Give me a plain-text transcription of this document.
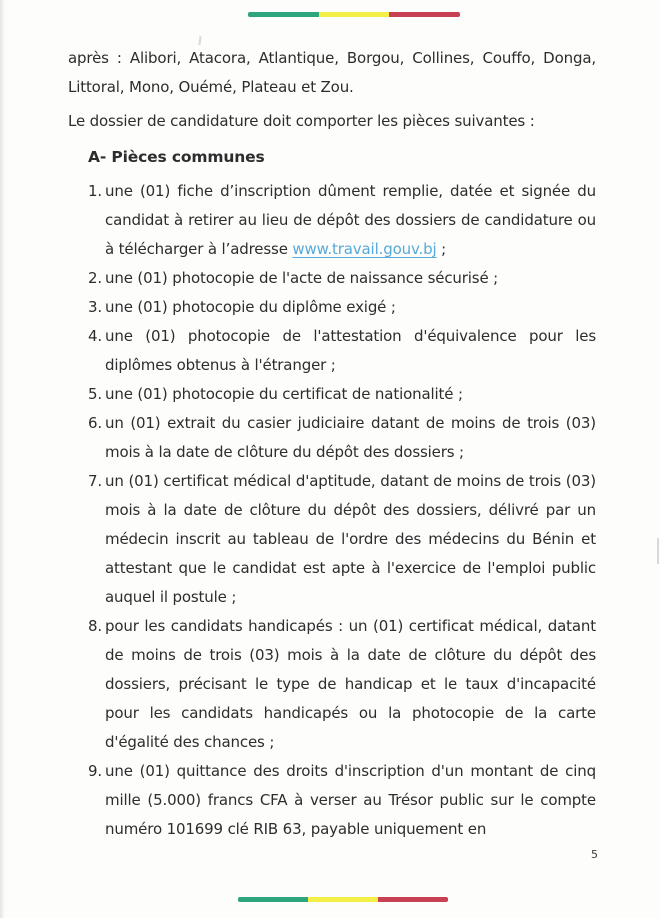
après : Alibori, Atacora, Atlantique, Borgou, Collines, Couffo, Donga, Littoral, Mono, Ouémé, Plateau et Zou.

Le dossier de candidature doit comporter les pièces suivantes :

A- Pièces communes
1. une (01) fiche d’inscription dûment remplie, datée et signée du candidat à retirer au lieu de dépôt des dossiers de candidature ou à télécharger à l’adresse www.travail.gouv.bj ;
2. une (01) photocopie de l'acte de naissance sécurisé ;
3. une (01) photocopie du diplôme exigé ;
4. une (01) photocopie de l'attestation d'équivalence pour les diplômes obtenus à l'étranger ;
5. une (01) photocopie du certificat de nationalité ;
6. un (01) extrait du casier judiciaire datant de moins de trois (03) mois à la date de clôture du dépôt des dossiers ;
7. un (01) certificat médical d'aptitude, datant de moins de trois (03) mois à la date de clôture du dépôt des dossiers, délivré par un médecin inscrit au tableau de l'ordre des médecins du Bénin et attestant que le candidat est apte à l'exercice de l'emploi public auquel il postule ;
8. pour les candidats handicapés : un (01) certificat médical, datant de moins de trois (03) mois à la date de clôture du dépôt des dossiers, précisant le type de handicap et le taux d'incapacité pour les candidats handicapés ou la photocopie de la carte d'égalité des chances ;
9. une (01) quittance des droits d'inscription d'un montant de cinq mille (5.000) francs CFA à verser au Trésor public sur le compte numéro 101699 clé RIB 63, payable uniquement en
5
